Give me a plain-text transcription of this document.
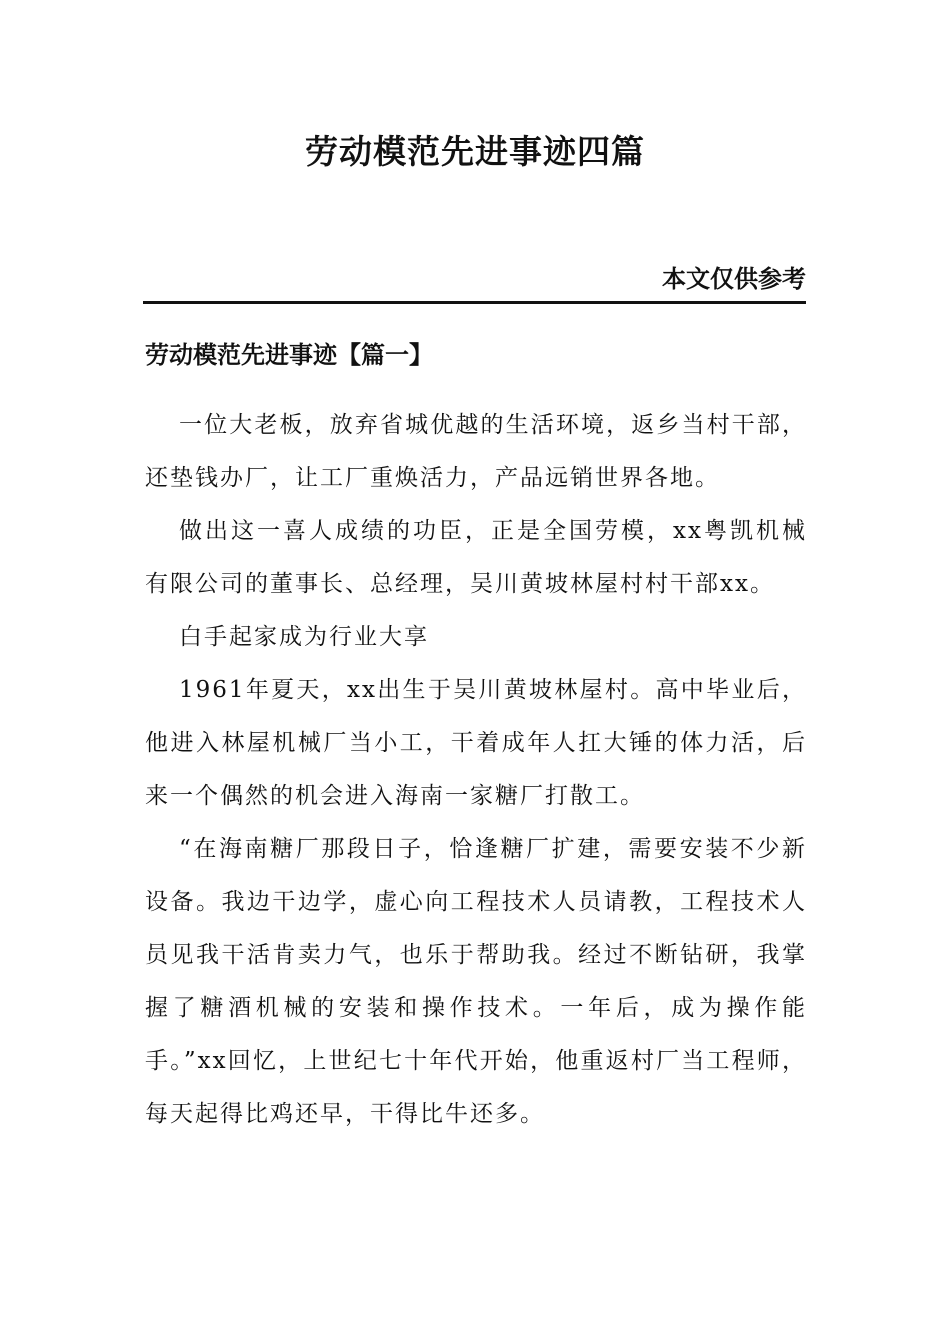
劳动模范先进事迹四篇
本文仅供参考
劳动模范先进事迹【篇一】

一位大老板，放弃省城优越的生活环境，返乡当村干部，还垫钱办厂，让工厂重焕活力，产品远销世界各地。

做出这一喜人成绩的功臣，正是全国劳模，xx粤凯机械有限公司的董事长、总经理，吴川黄坡林屋村村干部xx。

白手起家成为行业大享

1961年夏天，xx出生于吴川黄坡林屋村。高中毕业后，他进入林屋机械厂当小工，干着成年人扛大锤的体力活，后来一个偶然的机会进入海南一家糖厂打散工。

“在海南糖厂那段日子，恰逢糖厂扩建，需要安装不少新设备。我边干边学，虚心向工程技术人员请教，工程技术人员见我干活肯卖力气，也乐于帮助我。经过不断钻研，我掌握了糖酒机械的安装和操作技术。一年后，成为操作能手。”xx回忆，上世纪七十年代开始，他重返村厂当工程师，每天起得比鸡还早，干得比牛还多。
